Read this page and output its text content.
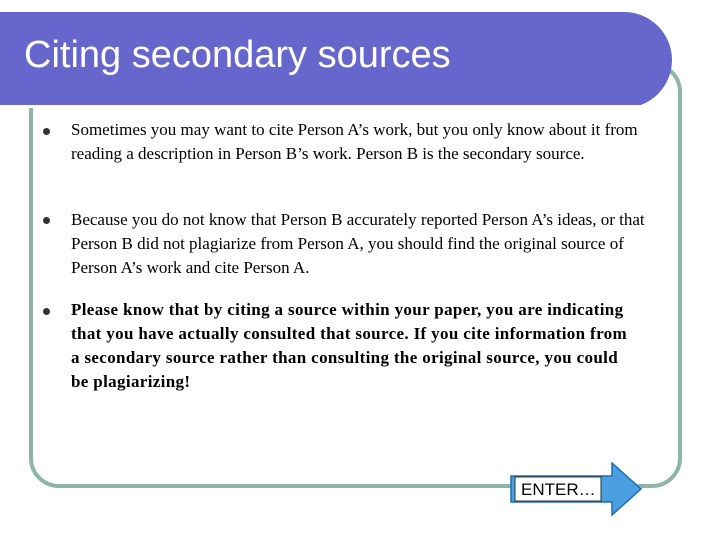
Citing secondary sources
Sometimes you may want to cite Person A’s work, but you only know about it from reading a description in Person B’s work. Person B is the secondary source.
Because you do not know that Person B accurately reported Person A’s ideas, or that Person B did not plagiarize from Person A, you should find the original source of Person A’s work and cite Person A.
Please know that by citing a source within your paper, you are indicating that you have actually consulted that source. If you cite information from a secondary source rather than consulting the original source, you could be plagiarizing!
ENTER…
